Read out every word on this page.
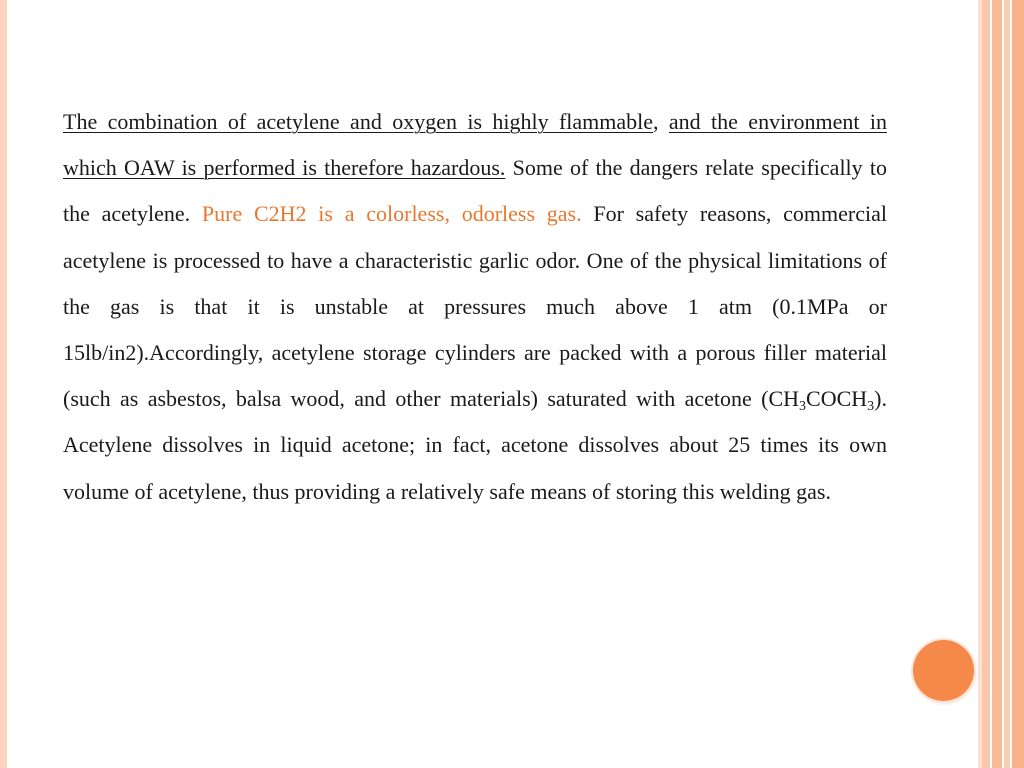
The combination of acetylene and oxygen is highly flammable, and the environment in which OAW is performed is therefore hazardous. Some of the dangers relate specifically to the acetylene. Pure C2H2 is a colorless, odorless gas. For safety reasons, commercial acetylene is processed to have a characteristic garlic odor. One of the physical limitations of the gas is that it is unstable at pressures much above 1 atm (0.1MPa or 15lb/in2).Accordingly, acetylene storage cylinders are packed with a porous filler material (such as asbestos, balsa wood, and other materials) saturated with acetone $(CH_3COCH_3)$. Acetylene dissolves in liquid acetone; in fact, acetone dissolves about 25 times its own volume of acetylene, thus providing a relatively safe means of storing this welding gas.
